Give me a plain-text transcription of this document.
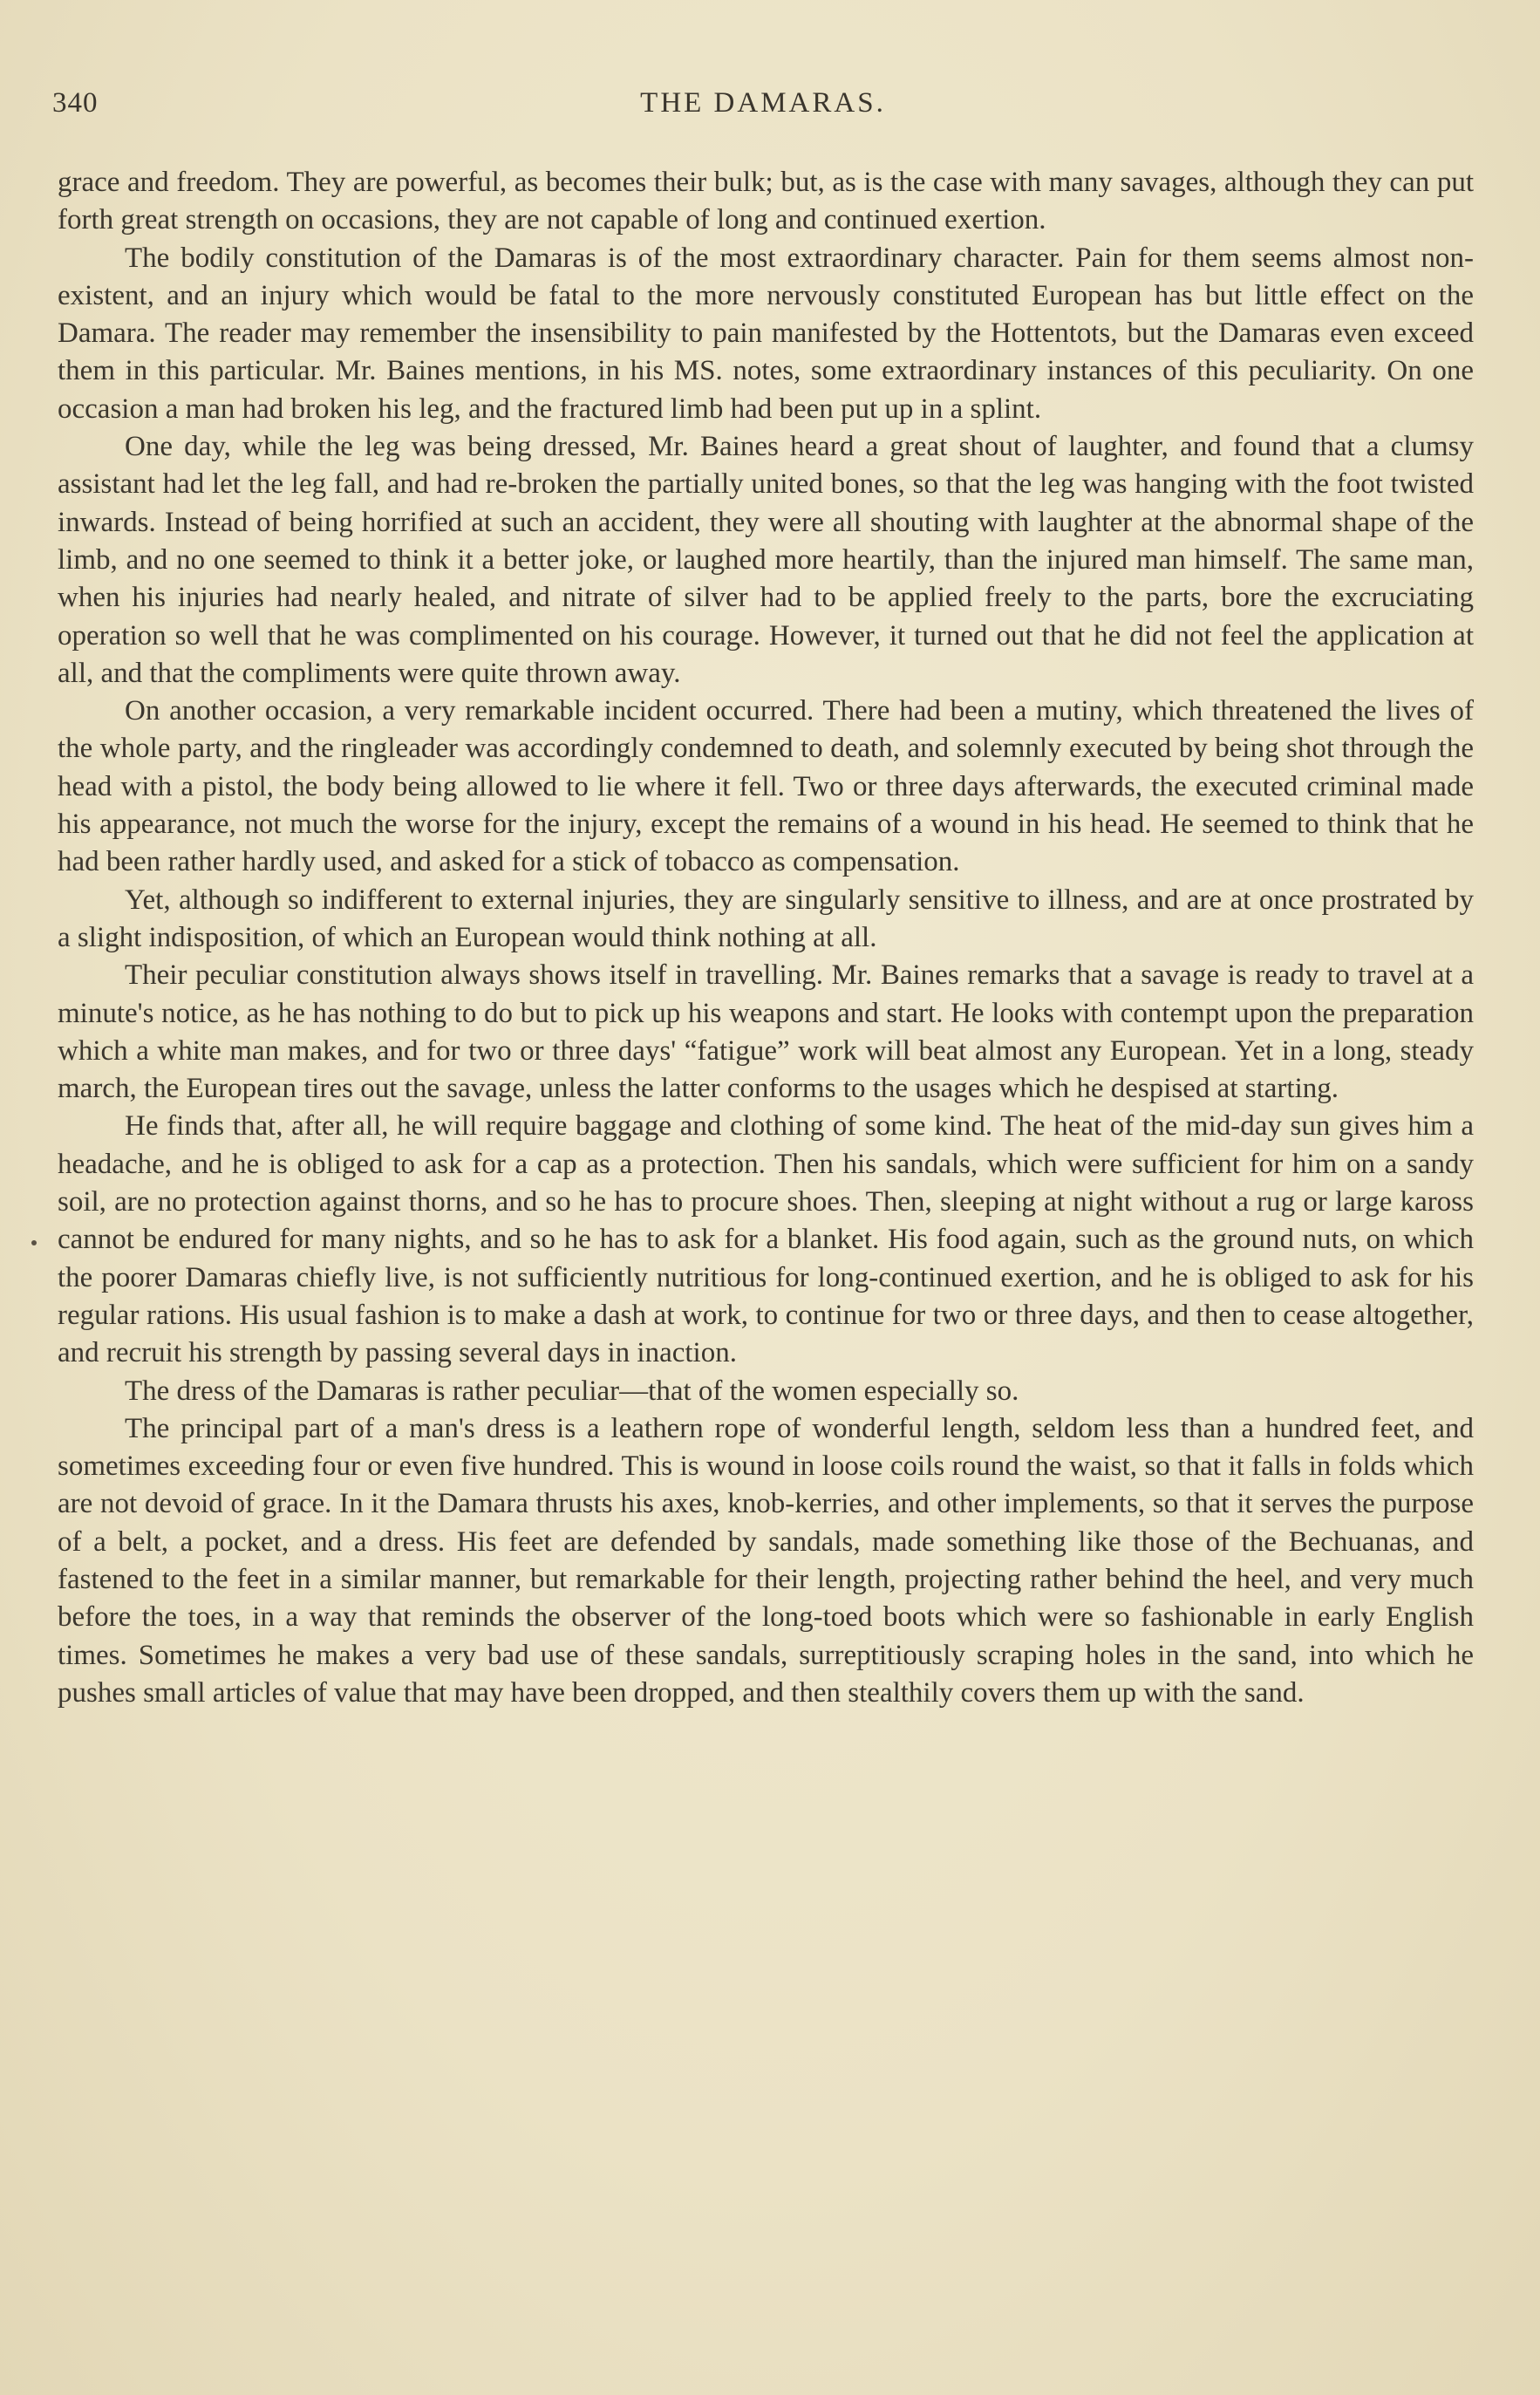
340	THE DAMARAS.

grace and freedom. They are powerful, as becomes their bulk; but, as is the case with many savages, although they can put forth great strength on occasions, they are not capable of long and continued exertion.

The bodily constitution of the Damaras is of the most extraordinary character. Pain for them seems almost non-existent, and an injury which would be fatal to the more nervously constituted European has but little effect on the Damara. The reader may remember the insensibility to pain manifested by the Hottentots, but the Damaras even exceed them in this particular. Mr. Baines mentions, in his MS. notes, some extraordinary instances of this peculiarity. On one occasion a man had broken his leg, and the fractured limb had been put up in a splint.

One day, while the leg was being dressed, Mr. Baines heard a great shout of laughter, and found that a clumsy assistant had let the leg fall, and had re-broken the partially united bones, so that the leg was hanging with the foot twisted inwards. Instead of being horrified at such an accident, they were all shouting with laughter at the abnormal shape of the limb, and no one seemed to think it a better joke, or laughed more heartily, than the injured man himself. The same man, when his injuries had nearly healed, and nitrate of silver had to be applied freely to the parts, bore the excruciating operation so well that he was complimented on his courage. However, it turned out that he did not feel the application at all, and that the compliments were quite thrown away.

On another occasion, a very remarkable incident occurred. There had been a mutiny, which threatened the lives of the whole party, and the ringleader was accordingly condemned to death, and solemnly executed by being shot through the head with a pistol, the body being allowed to lie where it fell. Two or three days afterwards, the executed criminal made his appearance, not much the worse for the injury, except the remains of a wound in his head. He seemed to think that he had been rather hardly used, and asked for a stick of tobacco as compensation.

Yet, although so indifferent to external injuries, they are singularly sensitive to illness, and are at once prostrated by a slight indisposition, of which an European would think nothing at all.

Their peculiar constitution always shows itself in travelling. Mr. Baines remarks that a savage is ready to travel at a minute's notice, as he has nothing to do but to pick up his weapons and start. He looks with contempt upon the preparation which a white man makes, and for two or three days' “fatigue” work will beat almost any European. Yet in a long, steady march, the European tires out the savage, unless the latter conforms to the usages which he despised at starting.

He finds that, after all, he will require baggage and clothing of some kind. The heat of the mid-day sun gives him a headache, and he is obliged to ask for a cap as a protection. Then his sandals, which were sufficient for him on a sandy soil, are no protection against thorns, and so he has to procure shoes. Then, sleeping at night without a rug or large kaross cannot be endured for many nights, and so he has to ask for a blanket. His food again, such as the ground nuts, on which the poorer Damaras chiefly live, is not sufficiently nutritious for long-continued exertion, and he is obliged to ask for his regular rations. His usual fashion is to make a dash at work, to continue for two or three days, and then to cease altogether, and recruit his strength by passing several days in inaction.

The dress of the Damaras is rather peculiar—that of the women especially so.

The principal part of a man's dress is a leathern rope of wonderful length, seldom less than a hundred feet, and sometimes exceeding four or even five hundred. This is wound in loose coils round the waist, so that it falls in folds which are not devoid of grace. In it the Damara thrusts his axes, knob-kerries, and other implements, so that it serves the purpose of a belt, a pocket, and a dress. His feet are defended by sandals, made something like those of the Bechuanas, and fastened to the feet in a similar manner, but remarkable for their length, projecting rather behind the heel, and very much before the toes, in a way that reminds the observer of the long-toed boots which were so fashionable in early English times. Sometimes he makes a very bad use of these sandals, surreptitiously scraping holes in the sand, into which he pushes small articles of value that may have been dropped, and then stealthily covers them up with the sand.
